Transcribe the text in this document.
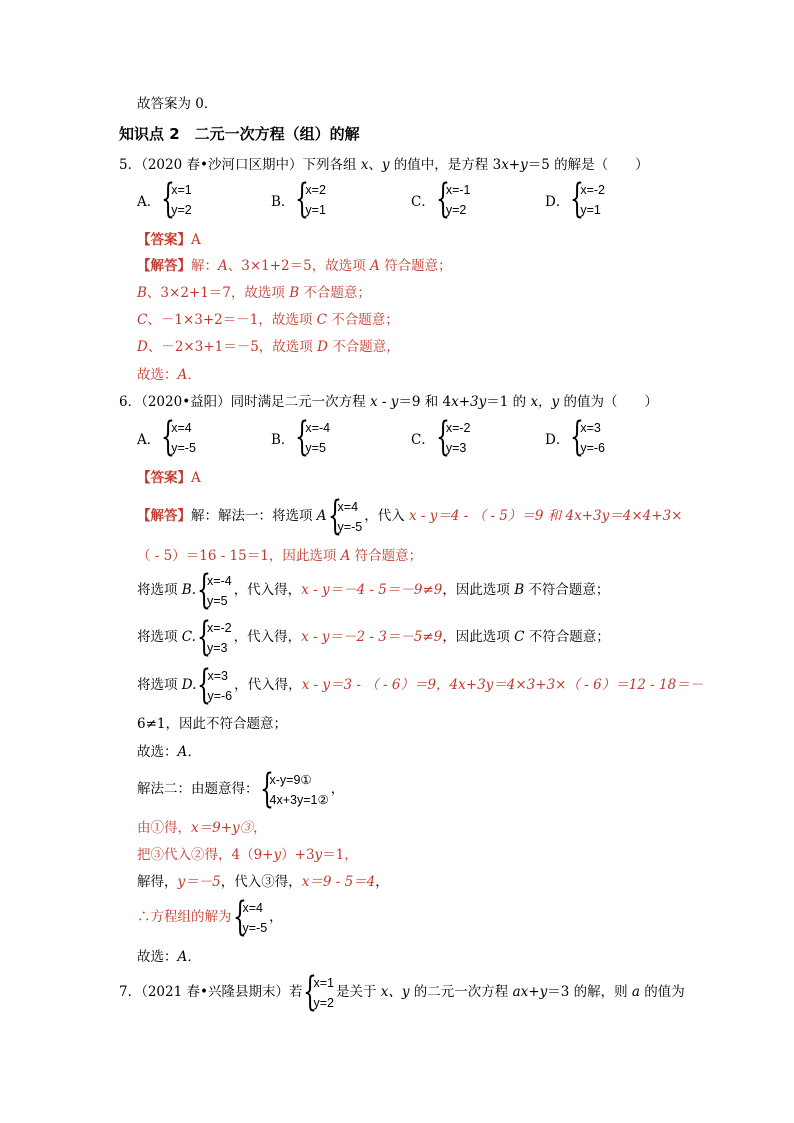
故答案为 0．
知识点 2　二元一次方程（组）的解
5．（2020 春•沙河口区期中）下列各组 x、y 的值中，是方程 3x+y＝5 的解是（　　）
A． {
x=1
y=2	B． {
x=2
y=1	C． {
x=-1
y=2	D． {
x=-2
y=1
【答案】A
【解答】解：A、3×1+2＝5，故选项 A 符合题意；
B、3×2+1＝7，故选项 B 不合题意；
C、－1×3+2＝－1，故选项 C 不合题意；
D、－2×3+1＝－5，故选项 D 不合题意，
故选：A．
6．（2020•益阳）同时满足二元一次方程 x - y＝9 和 4x+3y＝1 的 x，y 的值为（　　）
A． {
x=4
y=-5	B． {
x=-4
y=5	C． {
x=-2
y=3	D． {
x=3
y=-6
【答案】A
【解答】解：解法一：将选项 A {
x=4
y=-5
，代入 x - y＝4 - （ - 5）＝9 和 4x+3y＝4×4+3×
（ - 5）＝16 - 15＝1，因此选项 A 符合题意；
将选项 B. {
x=-4
y=5
，代入得，x - y＝－4 - 5＝－9≠9，因此选项 B 不符合题意；
将选项 C. {
x=-2
y=3
，代入得，x - y＝－2 - 3＝－5≠9，因此选项 C 不符合题意；
将选项 D. {
x=3
y=-6
，代入得，x - y＝3 - （ - 6）＝9，4x+3y＝4×3+3×（ - 6）＝12 - 18＝－
6≠1，因此不符合题意；
故选：A．
解法二：由题意得： {
x-y=9①
4x+3y=1②
，
由①得，x＝9+y③，
把③代入②得，4（9+y）+3y＝1，
解得，y＝－5，代入③得，x＝9 - 5＝4，
∴方程组的解为 {
x=4
y=-5
，
故选：A．
7．（2021 春•兴隆县期末）若 {
x=1
y=2
是关于 x、y 的二元一次方程 ax+y＝3 的解，则 a 的值为
